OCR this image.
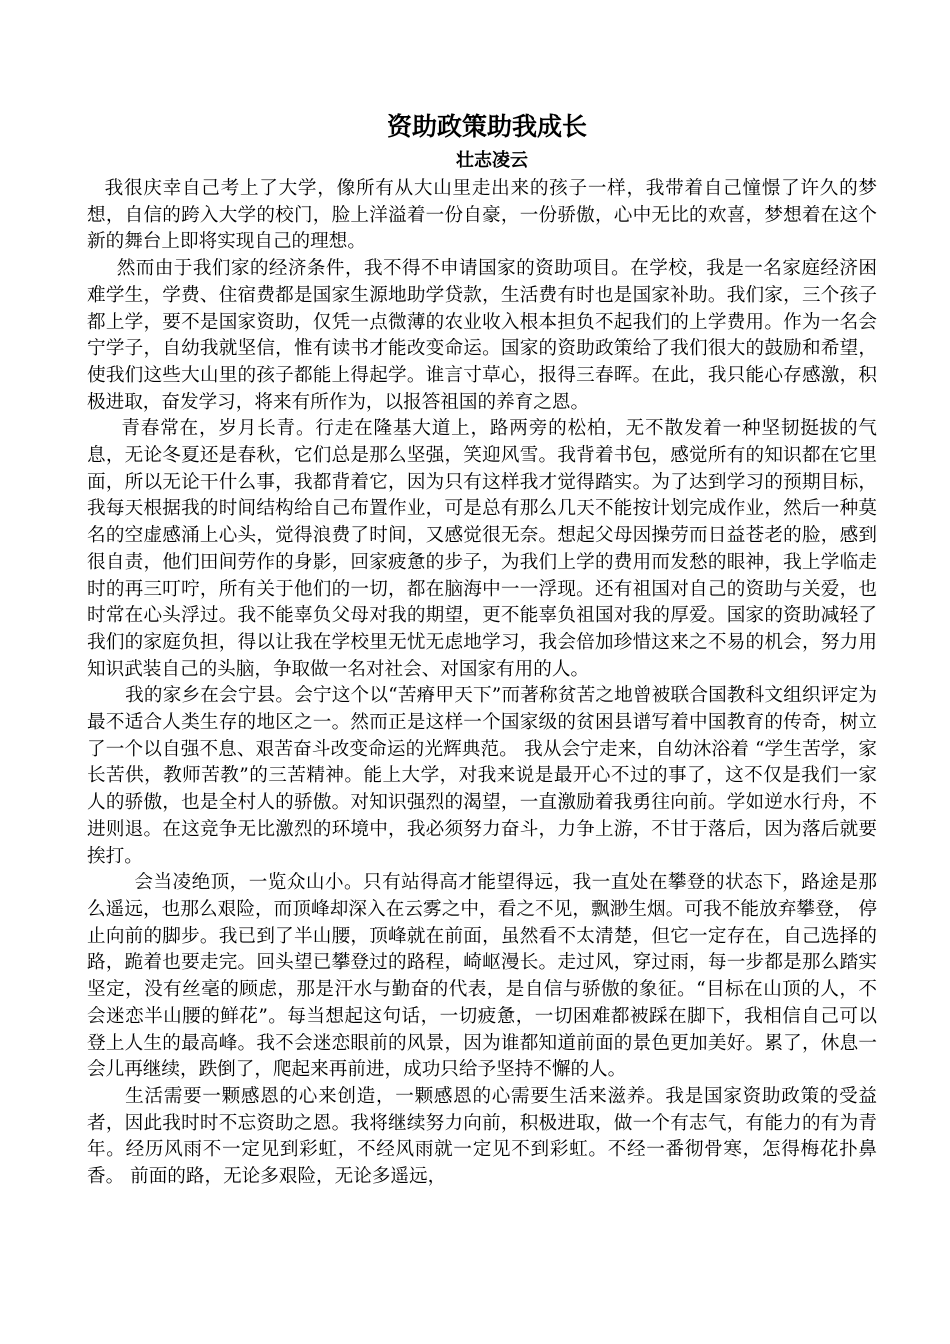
资助政策助我成长
壮志凌云

我很庆幸自己考上了大学，像所有从大山里走出来的孩子一样，我带着自己憧憬了许久的梦想，自信的跨入大学的校门，脸上洋溢着一份自豪，一份骄傲，心中无比的欢喜，梦想着在这个新的舞台上即将实现自己的理想。

然而由于我们家的经济条件，我不得不申请国家的资助项目。在学校，我是一名家庭经济困难学生，学费、住宿费都是国家生源地助学贷款，生活费有时也是国家补助。我们家，三个孩子都上学，要不是国家资助，仅凭一点微薄的农业收入根本担负不起我们的上学费用。作为一名会宁学子，自幼我就坚信，惟有读书才能改变命运。国家的资助政策给了我们很大的鼓励和希望，使我们这些大山里的孩子都能上得起学。谁言寸草心，报得三春晖。在此，我只能心存感激，积极进取，奋发学习，将来有所作为，以报答祖国的养育之恩。

青春常在，岁月长青。行走在隆基大道上，路两旁的松柏，无不散发着一种坚韧挺拔的气息，无论冬夏还是春秋，它们总是那么坚强，笑迎风雪。我背着书包，感觉所有的知识都在它里面，所以无论干什么事，我都背着它，因为只有这样我才觉得踏实。为了达到学习的预期目标，我每天根据我的时间结构给自己布置作业，可是总有那么几天不能按计划完成作业，然后一种莫名的空虚感涌上心头，觉得浪费了时间，又感觉很无奈。想起父母因操劳而日益苍老的脸，感到很自责，他们田间劳作的身影，回家疲惫的步子，为我们上学的费用而发愁的眼神，我上学临走时的再三叮咛，所有关于他们的一切，都在脑海中一一浮现。还有祖国对自己的资助与关爱，也时常在心头浮过。我不能辜负父母对我的期望，更不能辜负祖国对我的厚爱。国家的资助减轻了我们的家庭负担，得以让我在学校里无忧无虑地学习，我会倍加珍惜这来之不易的机会，努力用知识武装自己的头脑，争取做一名对社会、对国家有用的人。

我的家乡在会宁县。会宁这个以“苦瘠甲天下”而著称贫苦之地曾被联合国教科文组织评定为最不适合人类生存的地区之一。然而正是这样一个国家级的贫困县谱写着中国教育的传奇，树立了一个以自强不息、艰苦奋斗改变命运的光辉典范。 我从会宁走来，自幼沐浴着 “学生苦学，家长苦供，教师苦教”的三苦精神。能上大学，对我来说是最开心不过的事了，这不仅是我们一家人的骄傲，也是全村人的骄傲。对知识强烈的渴望，一直激励着我勇往向前。学如逆水行舟，不进则退。在这竞争无比激烈的环境中，我必须努力奋斗，力争上游，不甘于落后，因为落后就要挨打。

会当凌绝顶，一览众山小。只有站得高才能望得远，我一直处在攀登的状态下，路途是那么遥远，也那么艰险，而顶峰却深入在云雾之中，看之不见，飘渺生烟。可我不能放弃攀登， 停止向前的脚步。我已到了半山腰，顶峰就在前面，虽然看不太清楚，但它一定存在，自己选择的路，跪着也要走完。回头望已攀登过的路程，崎岖漫长。走过风，穿过雨，每一步都是那么踏实坚定，没有丝毫的顾虑，那是汗水与勤奋的代表，是自信与骄傲的象征。“目标在山顶的人，不会迷恋半山腰的鲜花”。每当想起这句话，一切疲惫，一切困难都被踩在脚下，我相信自己可以登上人生的最高峰。我不会迷恋眼前的风景，因为谁都知道前面的景色更加美好。累了，休息一会儿再继续，跌倒了，爬起来再前进，成功只给予坚持不懈的人。

生活需要一颗感恩的心来创造，一颗感恩的心需要生活来滋养。我是国家资助政策的受益者，因此我时时不忘资助之恩。我将继续努力向前，积极进取，做一个有志气，有能力的有为青年。经历风雨不一定见到彩虹，不经风雨就一定见不到彩虹。不经一番彻骨寒，怎得梅花扑鼻香。 前面的路，无论多艰险，无论多遥远，
